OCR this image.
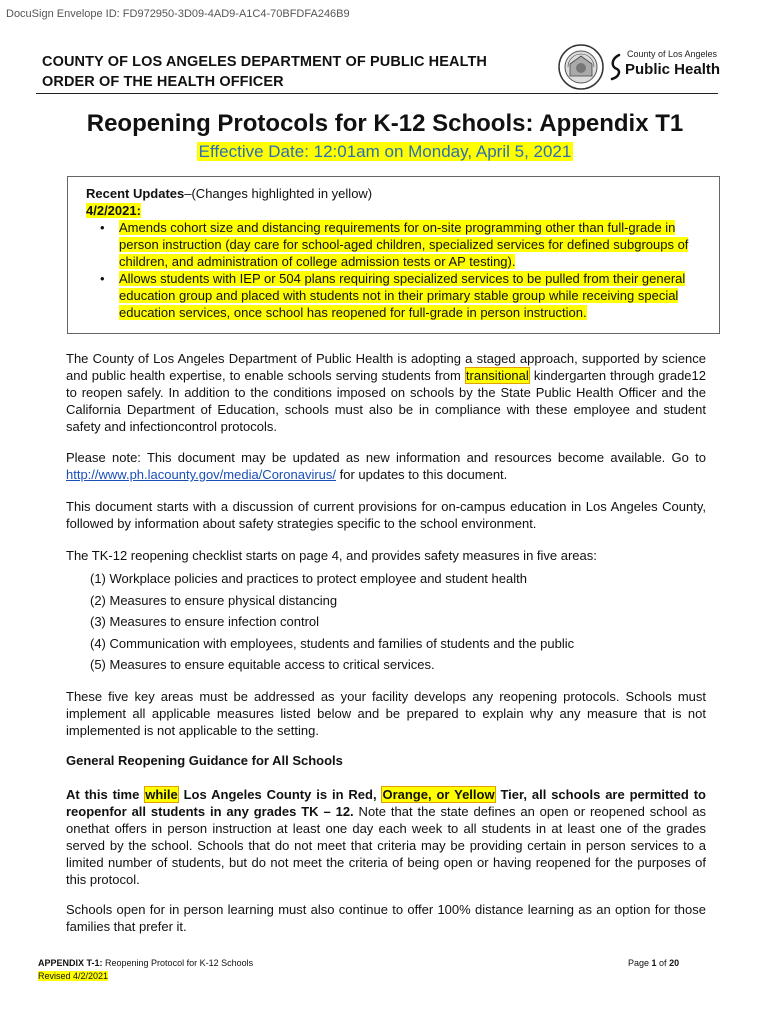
DocuSign Envelope ID: FD972950-3D09-4AD9-A1C4-70BFDFA246B9
COUNTY OF LOS ANGELES DEPARTMENT OF PUBLIC HEALTH
ORDER OF THE HEALTH OFFICER
County of Los Angeles
Public Health
Reopening Protocols for K-12 Schools: Appendix T1
Effective Date: 12:01am on Monday, April 5, 2021
Recent Updates–(Changes highlighted in yellow)
4/2/2021:
• Amends cohort size and distancing requirements for on-site programming other than full-grade in person instruction (day care for school-aged children, specialized services for defined subgroups of children, and administration of college admission tests or AP testing).
• Allows students with IEP or 504 plans requiring specialized services to be pulled from their general education group and placed with students not in their primary stable group while receiving special education services, once school has reopened for full-grade in person instruction.
The County of Los Angeles Department of Public Health is adopting a staged approach, supported by science and public health expertise, to enable schools serving students from transitional kindergarten through grade12 to reopen safely. In addition to the conditions imposed on schools by the State Public Health Officer and the California Department of Education, schools must also be in compliance with these employee and student safety and infectioncontrol protocols.
Please note: This document may be updated as new information and resources become available. Go to http://www.ph.lacounty.gov/media/Coronavirus/ for updates to this document.
This document starts with a discussion of current provisions for on-campus education in Los Angeles County, followed by information about safety strategies specific to the school environment.
The TK-12 reopening checklist starts on page 4, and provides safety measures in five areas:
(1) Workplace policies and practices to protect employee and student health
(2) Measures to ensure physical distancing
(3) Measures to ensure infection control
(4) Communication with employees, students and families of students and the public
(5) Measures to ensure equitable access to critical services.
These five key areas must be addressed as your facility develops any reopening protocols. Schools must implement all applicable measures listed below and be prepared to explain why any measure that is not implemented is not applicable to the setting.
General Reopening Guidance for All Schools
At this time while Los Angeles County is in Red, Orange, or Yellow Tier, all schools are permitted to reopenfor all students in any grades TK – 12. Note that the state defines an open or reopened school as onethat offers in person instruction at least one day each week to all students in at least one of the grades served by the school. Schools that do not meet that criteria may be providing certain in person services to a limited number of students, but do not meet the criteria of being open or having reopened for the purposes of this protocol.
Schools open for in person learning must also continue to offer 100% distance learning as an option for those families that prefer it.
APPENDIX T-1: Reopening Protocol for K-12 Schools
Revised 4/2/2021
Page 1 of 20
